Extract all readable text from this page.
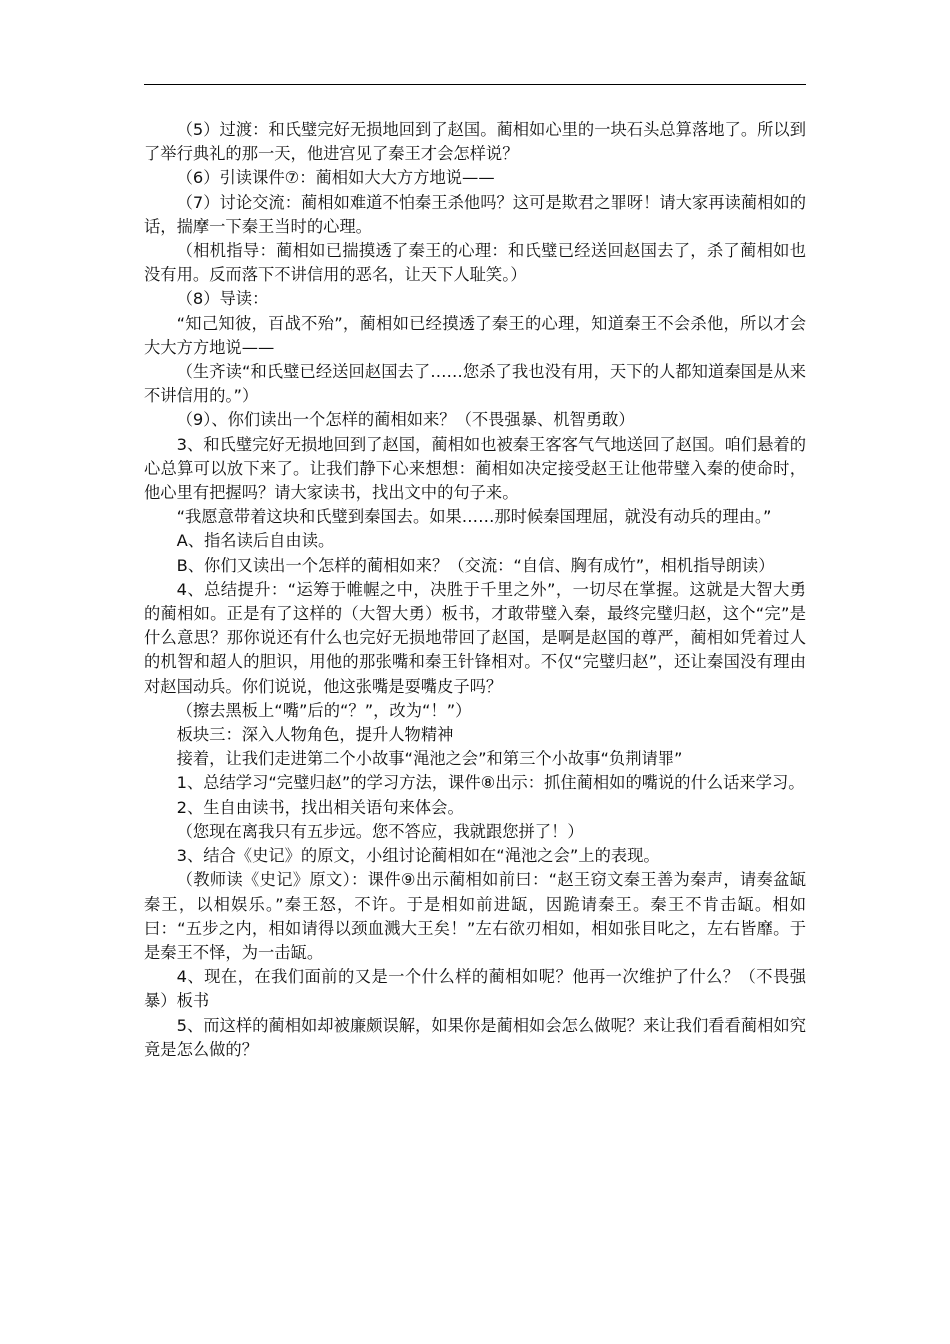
（5）过渡：和氏璧完好无损地回到了赵国。蔺相如心里的一块石头总算落地了。所以到了举行典礼的那一天，他进宫见了秦王才会怎样说？

（6）引读课件⑦：蔺相如大大方方地说——

（7）讨论交流：蔺相如难道不怕秦王杀他吗？这可是欺君之罪呀！请大家再读蔺相如的话，揣摩一下秦王当时的心理。

（相机指导：蔺相如已揣摸透了秦王的心理：和氏璧已经送回赵国去了，杀了蔺相如也没有用。反而落下不讲信用的恶名，让天下人耻笑。）

（8）导读：

“知己知彼，百战不殆”，蔺相如已经摸透了秦王的心理，知道秦王不会杀他，所以才会大大方方地说——

（生齐读“和氏璧已经送回赵国去了……您杀了我也没有用，天下的人都知道秦国是从来不讲信用的。”）

（9）、你们读出一个怎样的蔺相如来？（不畏强暴、机智勇敢）

3、和氏璧完好无损地回到了赵国，蔺相如也被秦王客客气气地送回了赵国。咱们悬着的心总算可以放下来了。让我们静下心来想想：蔺相如决定接受赵王让他带璧入秦的使命时，他心里有把握吗？请大家读书，找出文中的句子来。

“我愿意带着这块和氏璧到秦国去。如果……那时候秦国理屈，就没有动兵的理由。”

A、指名读后自由读。

B、你们又读出一个怎样的蔺相如来？（交流：“自信、胸有成竹”，相机指导朗读）

4、总结提升：“运筹于帷幄之中，决胜于千里之外”，一切尽在掌握。这就是大智大勇的蔺相如。正是有了这样的（大智大勇）板书，才敢带璧入秦，最终完璧归赵，这个“完”是什么意思？那你说还有什么也完好无损地带回了赵国，是啊是赵国的尊严，蔺相如凭着过人的机智和超人的胆识，用他的那张嘴和秦王针锋相对。不仅“完璧归赵”，还让秦国没有理由对赵国动兵。你们说说，他这张嘴是耍嘴皮子吗？

（擦去黑板上“嘴”后的“？”，改为“！”）

板块三：深入人物角色，提升人物精神

接着，让我们走进第二个小故事“渑池之会”和第三个小故事“负荆请罪”

1、总结学习“完璧归赵”的学习方法，课件⑧出示：抓住蔺相如的嘴说的什么话来学习。

2、生自由读书，找出相关语句来体会。

（您现在离我只有五步远。您不答应，我就跟您拼了！）

3、结合《史记》的原文，小组讨论蔺相如在“渑池之会”上的表现。

（教师读《史记》原文）：课件⑨出示蔺相如前曰：“赵王窃文秦王善为秦声，请奏盆缻秦王，以相娱乐。”秦王怒，不许。于是相如前进缻，因跪请秦王。秦王不肯击缻。相如曰：“五步之内，相如请得以颈血溅大王矣！”左右欲刃相如，相如张目叱之，左右皆靡。于是秦王不怿，为一击缻。

4、现在，在我们面前的又是一个什么样的蔺相如呢？他再一次维护了什么？（不畏强暴）板书

5、而这样的蔺相如却被廉颇误解，如果你是蔺相如会怎么做呢？来让我们看看蔺相如究竟是怎么做的？
